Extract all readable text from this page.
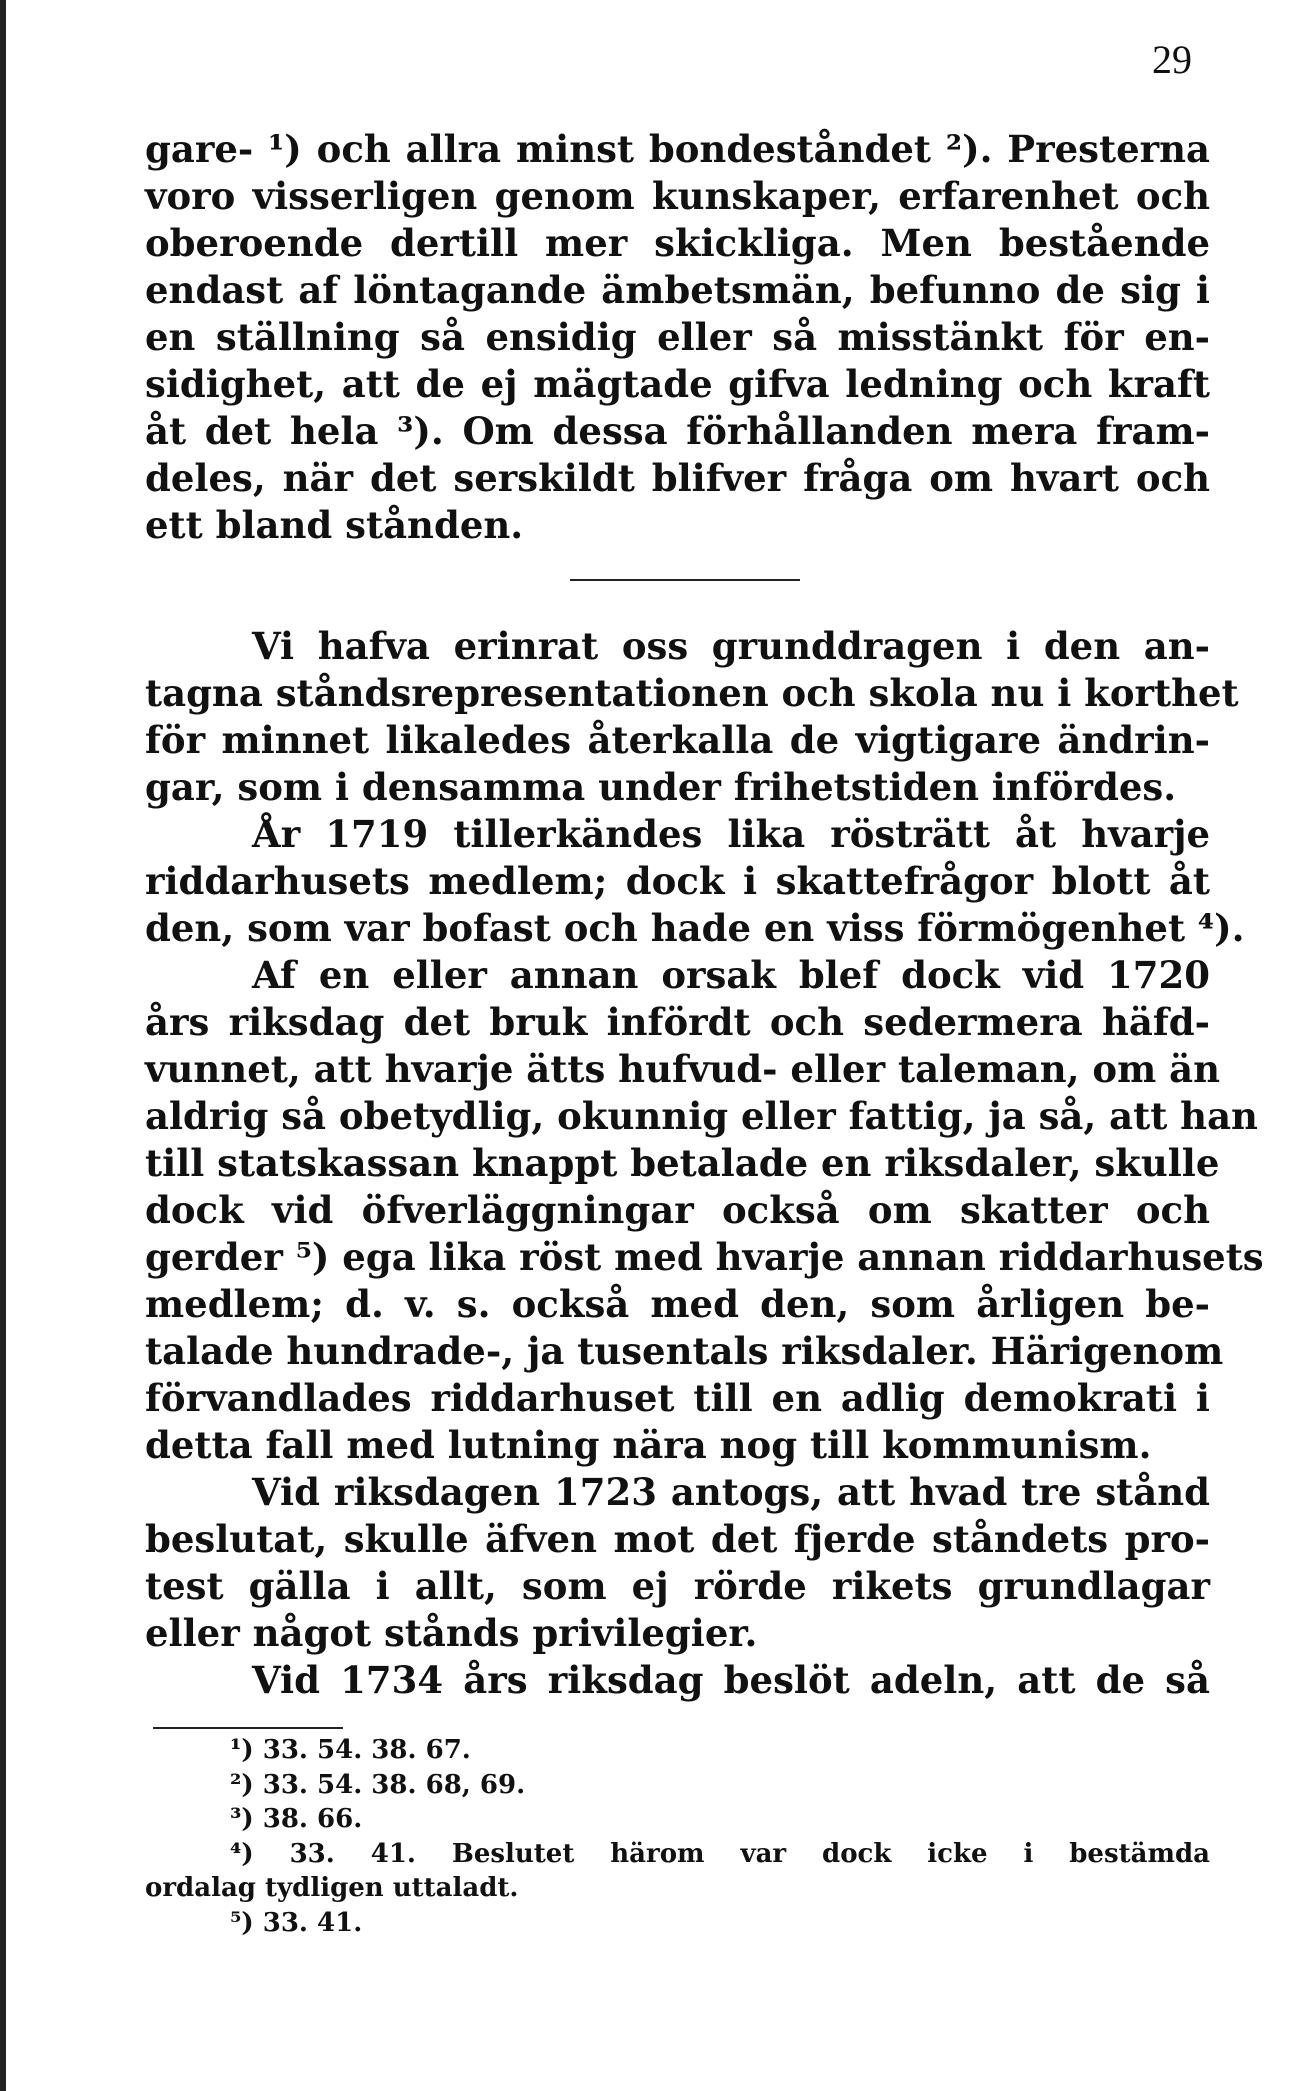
29
gare- ¹) och allra minst bondeståndet ²). Presterna
voro visserligen genom kunskaper, erfarenhet och
oberoende dertill mer skickliga. Men bestående
endast af löntagande ämbetsmän, befunno de sig i
en ställning så ensidig eller så misstänkt för en-
sidighet, att de ej mägtade gifva ledning och kraft
åt det hela ³). Om dessa förhållanden mera fram-
deles, när det serskildt blifver fråga om hvart och
ett bland stånden.
Vi hafva erinrat oss grunddragen i den an-
tagna ståndsrepresentationen och skola nu i korthet
för minnet likaledes återkalla de vigtigare ändrin-
gar, som i densamma under frihetstiden infördes.
År 1719 tillerkändes lika rösträtt åt hvarje
riddarhusets medlem; dock i skattefrågor blott åt
den, som var bofast och hade en viss förmögenhet ⁴).
Af en eller annan orsak blef dock vid 1720
års riksdag det bruk infördt och sedermera häfd-
vunnet, att hvarje ätts hufvud- eller taleman, om än
aldrig så obetydlig, okunnig eller fattig, ja så, att han
till statskassan knappt betalade en riksdaler, skulle
dock vid öfverläggningar också om skatter och
gerder ⁵) ega lika röst med hvarje annan riddarhusets
medlem; d. v. s. också med den, som årligen be-
talade hundrade-, ja tusentals riksdaler. Härigenom
förvandlades riddarhuset till en adlig demokrati i
detta fall med lutning nära nog till kommunism.
Vid riksdagen 1723 antogs, att hvad tre stånd
beslutat, skulle äfven mot det fjerde ståndets pro-
test gälla i allt, som ej rörde rikets grundlagar
eller något stånds privilegier.
Vid 1734 års riksdag beslöt adeln, att de så
¹) 33. 54. 38. 67.
²) 33. 54. 38. 68, 69.
³) 38. 66.
⁴) 33. 41. Beslutet härom var dock icke i bestämda
ordalag tydligen uttaladt.
⁵) 33. 41.
